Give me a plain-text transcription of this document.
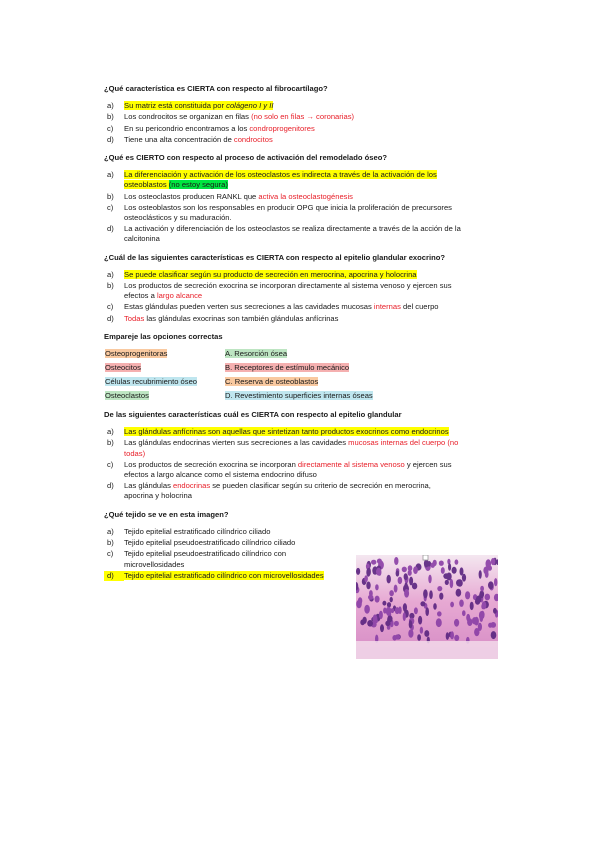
¿Qué característica es CIERTA con respecto al fibrocartílago?
a)	Su matriz está constituida por colágeno I y II
b)	Los condrocitos se organizan en filas (no solo en filas → coronarias)
c)	En su pericondrio encontramos a los condroprogenitores
d)	Tiene una alta concentración de condrocitos
¿Qué es CIERTO con respecto al proceso de activación del remodelado óseo?
a)	La diferenciación y activación de los osteoclastos es indirecta a través de la activación de los osteoblastos (no estoy segura)
b)	Los osteoclastos producen RANKL que activa la osteoclastogénesis
c)	Los osteoblastos son los responsables en producir OPG que inicia la proliferación de precursores osteoclásticos y su maduración.
d)	La activación y diferenciación de los osteoclastos se realiza directamente a través de la acción de la calcitonina
¿Cuál de las siguientes características es CIERTA con respecto al epitelio glandular exocrino?
a)	Se puede clasificar según su producto de secreción en merocrina, apocrina y holocrina
b)	Los productos de secreción exocrina se incorporan directamente al sistema venoso y ejercen sus efectos a largo alcance
c)	Estas glándulas pueden verten sus secreciones a las cavidades mucosas internas del cuerpo
d)	Todas las glándulas exocrinas son también glándulas anfícrinas
Empareje las opciones correctas
Osteoprogenitoras	A. Resorción ósea
Osteocitos	B. Receptores de estímulo mecánico
Células recubrimiento óseo	C. Reserva de osteoblastos
Osteoclastos	D. Revestimiento superficies internas óseas
De las siguientes características cuál es CIERTA con respecto al epitelio glandular
a)	Las glándulas anfícrinas son aquellas que sintetizan tanto productos exocrinos como endocrinos
b)	Las glándulas endocrinas vierten sus secreciones a las cavidades mucosas internas del cuerpo (no todas)
c)	Los productos de secreción exocrina se incorporan directamente al sistema venoso y ejercen sus efectos a largo alcance como el sistema endocrino difuso
d)	Las glándulas endocrinas se pueden clasificar según su criterio de secreción en merocrina, apocrina y holocrina
¿Qué tejido se ve en esta imagen?
a)	Tejido epitelial estratificado cilíndrico ciliado
b)	Tejido epitelial pseudoestratificado cilíndrico ciliado
c)	Tejido epitelial pseudoestratificado cilíndrico con microvellosidades
d)	Tejido epitelial estratificado cilíndrico con microvellosidades
